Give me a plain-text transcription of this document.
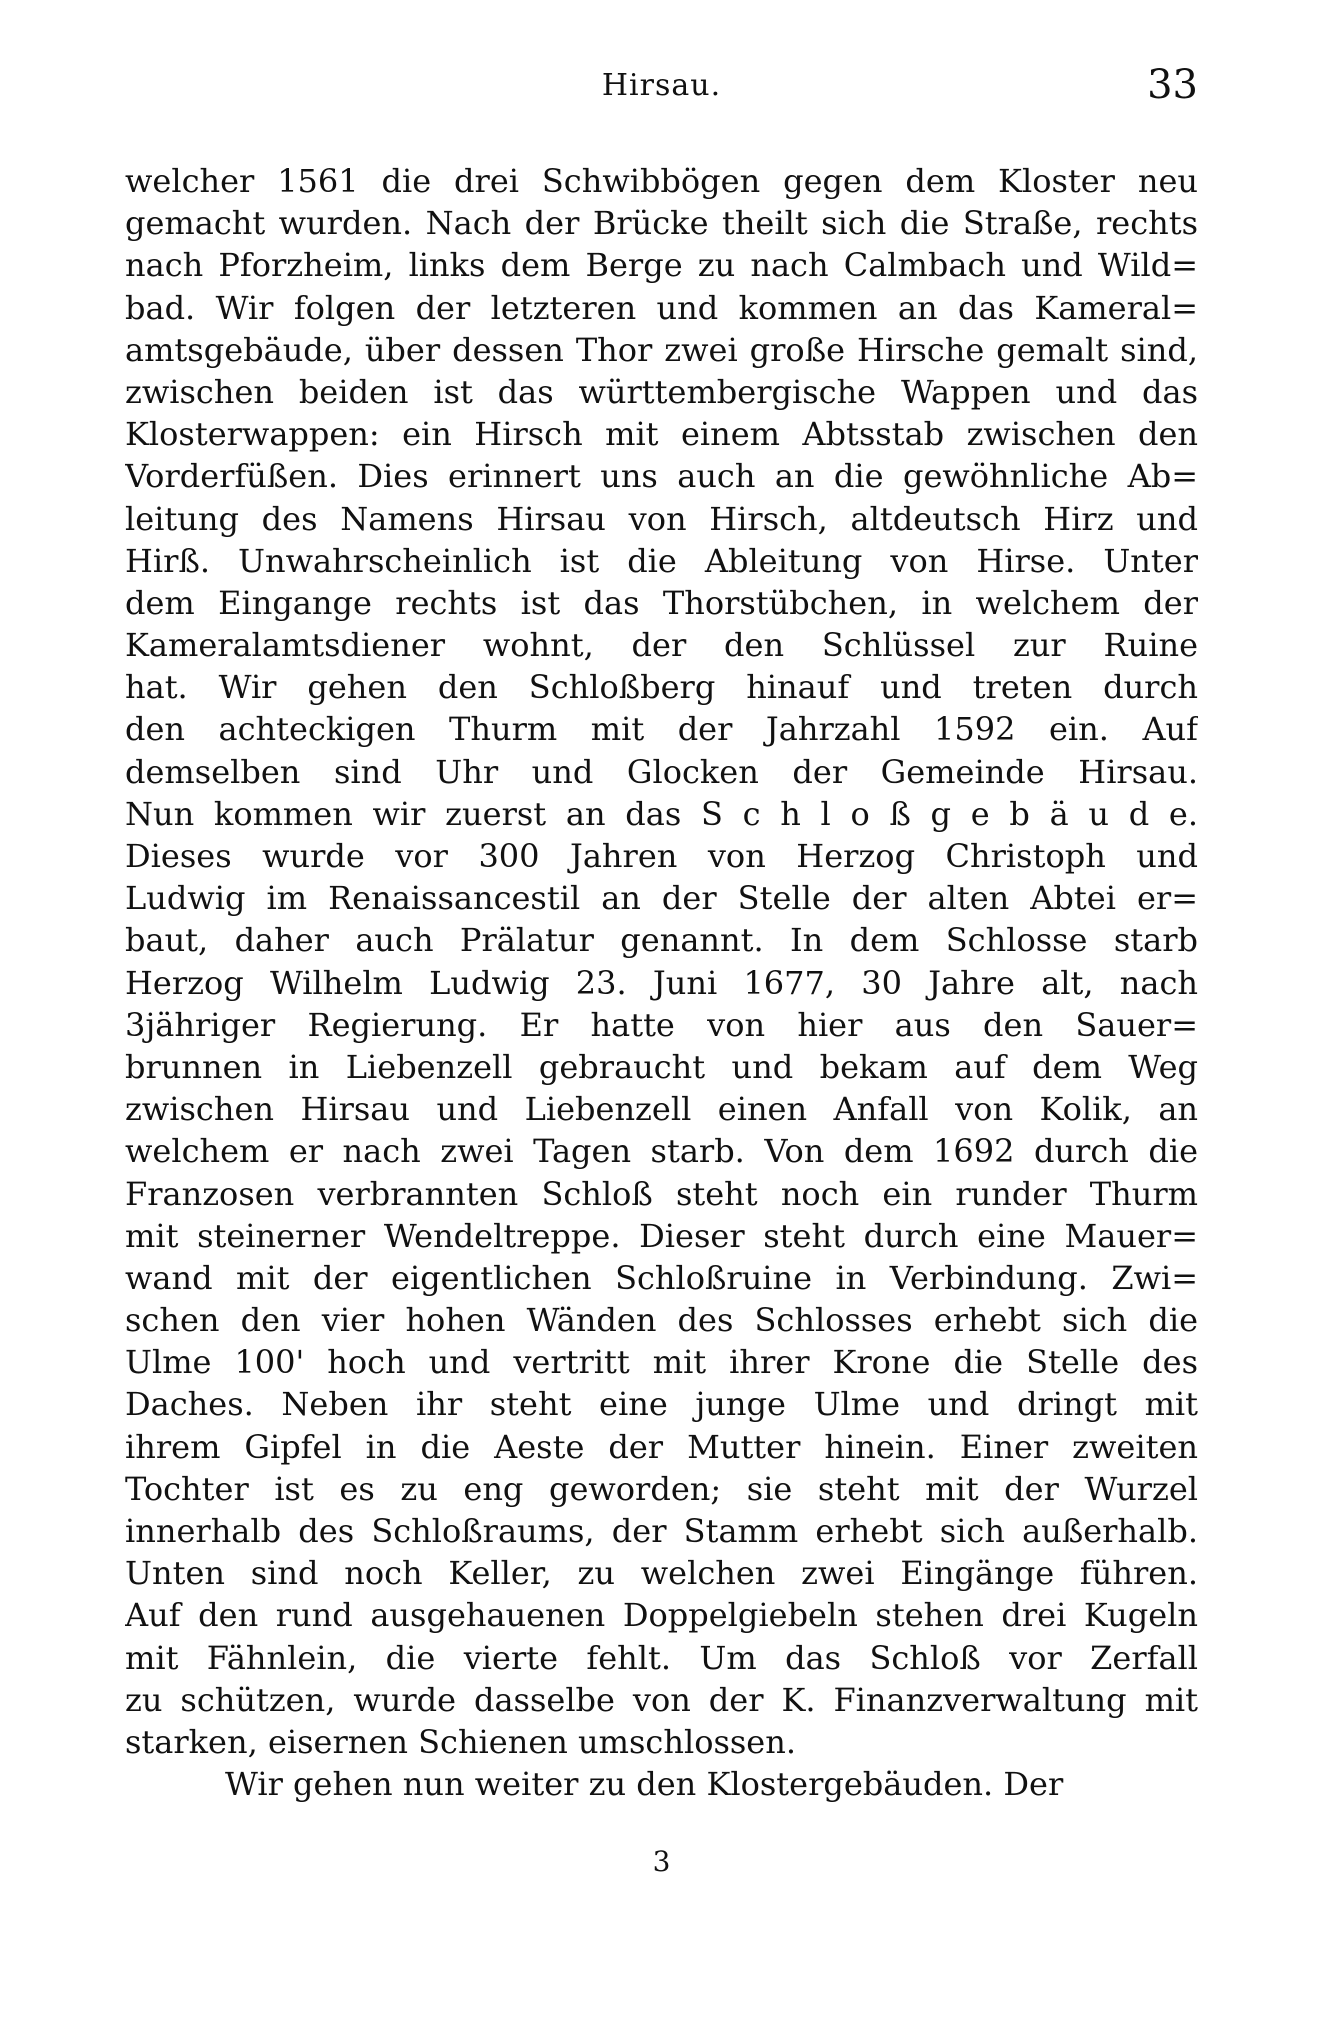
Hirsau.	33
welcher 1561 die drei Schwibbögen gegen dem Kloster neu
gemacht wurden. Nach der Brücke theilt sich die Straße, rechts
nach Pforzheim, links dem Berge zu nach Calmbach und Wild=
bad. Wir folgen der letzteren und kommen an das Kameral=
amtsgebäude, über dessen Thor zwei große Hirsche gemalt sind,
zwischen beiden ist das württembergische Wappen und das
Klosterwappen: ein Hirsch mit einem Abtsstab zwischen den
Vorderfüßen. Dies erinnert uns auch an die gewöhnliche Ab=
leitung des Namens Hirsau von Hirsch, altdeutsch Hirz und
Hirß. Unwahrscheinlich ist die Ableitung von Hirse. Unter
dem Eingange rechts ist das Thorstübchen, in welchem der
Kameralamtsdiener wohnt, der den Schlüssel zur Ruine
hat. Wir gehen den Schloßberg hinauf und treten durch
den achteckigen Thurm mit der Jahrzahl 1592 ein. Auf
demselben sind Uhr und Glocken der Gemeinde Hirsau.
Nun kommen wir zuerst an das S c h l o ß g e b ä u d e.
Dieses wurde vor 300 Jahren von Herzog Christoph und
Ludwig im Renaissancestil an der Stelle der alten Abtei er=
baut, daher auch Prälatur genannt. In dem Schlosse starb
Herzog Wilhelm Ludwig 23. Juni 1677, 30 Jahre alt, nach
3jähriger Regierung. Er hatte von hier aus den Sauer=
brunnen in Liebenzell gebraucht und bekam auf dem Weg
zwischen Hirsau und Liebenzell einen Anfall von Kolik, an
welchem er nach zwei Tagen starb. Von dem 1692 durch die
Franzosen verbrannten Schloß steht noch ein runder Thurm
mit steinerner Wendeltreppe. Dieser steht durch eine Mauer=
wand mit der eigentlichen Schloßruine in Verbindung. Zwi=
schen den vier hohen Wänden des Schlosses erhebt sich die
Ulme 100' hoch und vertritt mit ihrer Krone die Stelle des
Daches. Neben ihr steht eine junge Ulme und dringt mit
ihrem Gipfel in die Aeste der Mutter hinein. Einer zweiten
Tochter ist es zu eng geworden; sie steht mit der Wurzel
innerhalb des Schloßraums, der Stamm erhebt sich außerhalb.
Unten sind noch Keller, zu welchen zwei Eingänge führen.
Auf den rund ausgehauenen Doppelgiebeln stehen drei Kugeln
mit Fähnlein, die vierte fehlt. Um das Schloß vor Zerfall
zu schützen, wurde dasselbe von der K. Finanzverwaltung mit
starken, eisernen Schienen umschlossen.
Wir gehen nun weiter zu den Klostergebäuden. Der
3
